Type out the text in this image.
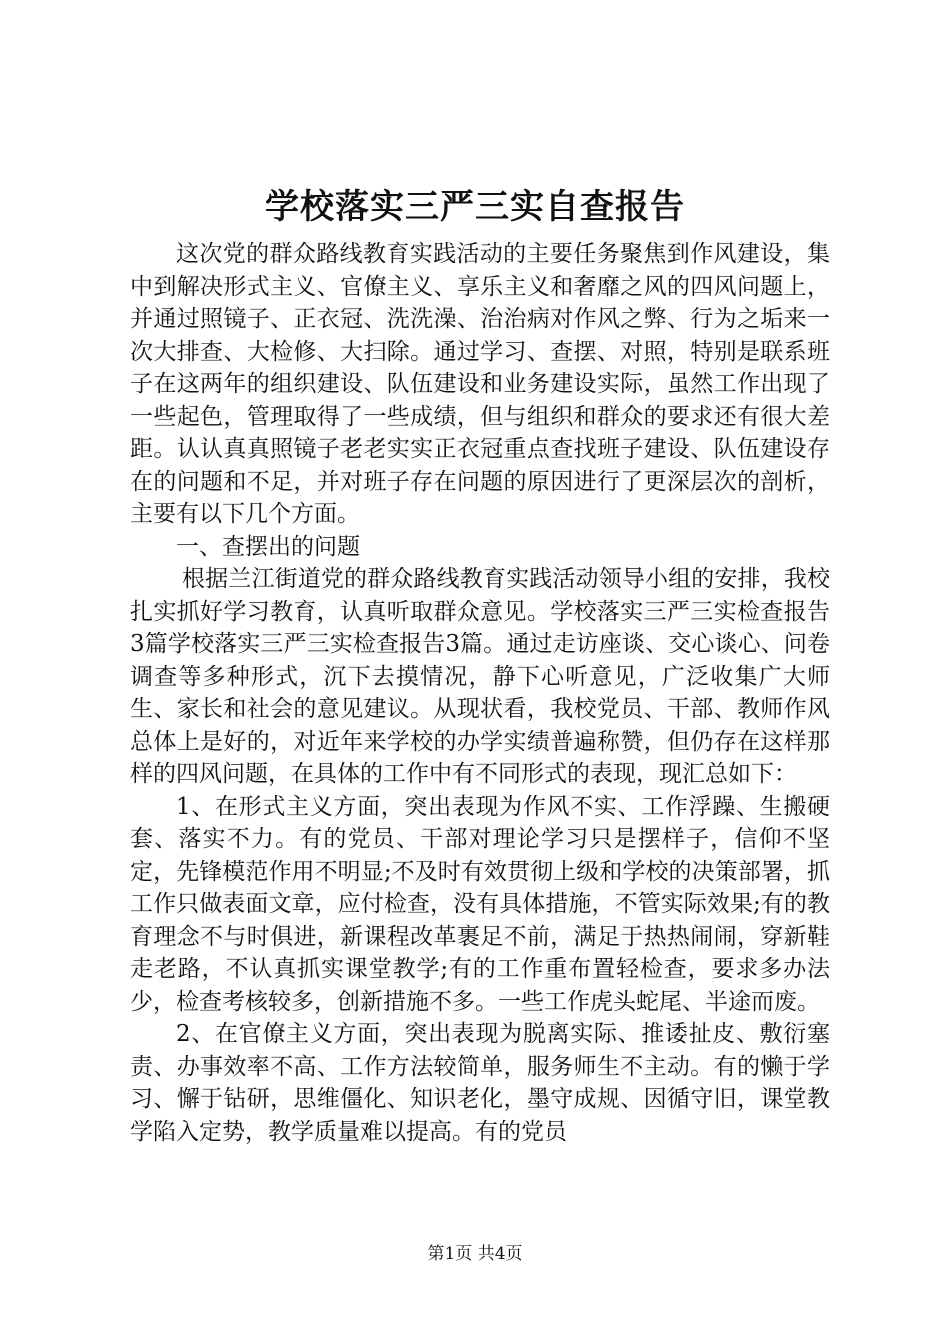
学校落实三严三实自查报告

这次党的群众路线教育实践活动的主要任务聚焦到作风建设，集中到解决形式主义、官僚主义、享乐主义和奢靡之风的四风问题上，并通过照镜子、正衣冠、洗洗澡、治治病对作风之弊、行为之垢来一次大排查、大检修、大扫除。通过学习、查摆、对照，特别是联系班子在这两年的组织建设、队伍建设和业务建设实际，虽然工作出现了一些起色，管理取得了一些成绩，但与组织和群众的要求还有很大差距。认认真真照镜子老老实实正衣冠重点查找班子建设、队伍建设存在的问题和不足，并对班子存在问题的原因进行了更深层次的剖析，主要有以下几个方面。

一、查摆出的问题

根据兰江街道党的群众路线教育实践活动领导小组的安排，我校扎实抓好学习教育，认真听取群众意见。学校落实三严三实检查报告3篇学校落实三严三实检查报告3篇。通过走访座谈、交心谈心、问卷调查等多种形式，沉下去摸情况，静下心听意见，广泛收集广大师生、家长和社会的意见建议。从现状看，我校党员、干部、教师作风总体上是好的，对近年来学校的办学实绩普遍称赞，但仍存在这样那样的四风问题，在具体的工作中有不同形式的表现，现汇总如下：

1、在形式主义方面，突出表现为作风不实、工作浮躁、生搬硬套、落实不力。有的党员、干部对理论学习只是摆样子，信仰不坚定，先锋模范作用不明显;不及时有效贯彻上级和学校的决策部署，抓工作只做表面文章，应付检查，没有具体措施，不管实际效果;有的教育理念不与时俱进，新课程改革裹足不前，满足于热热闹闹，穿新鞋走老路，不认真抓实课堂教学;有的工作重布置轻检查，要求多办法少，检查考核较多，创新措施不多。一些工作虎头蛇尾、半途而废。

2、在官僚主义方面，突出表现为脱离实际、推诿扯皮、敷衍塞责、办事效率不高、工作方法较简单，服务师生不主动。有的懒于学习、懈于钻研，思维僵化、知识老化，墨守成规、因循守旧，课堂教学陷入定势，教学质量难以提高。有的党员

第1页 共4页
